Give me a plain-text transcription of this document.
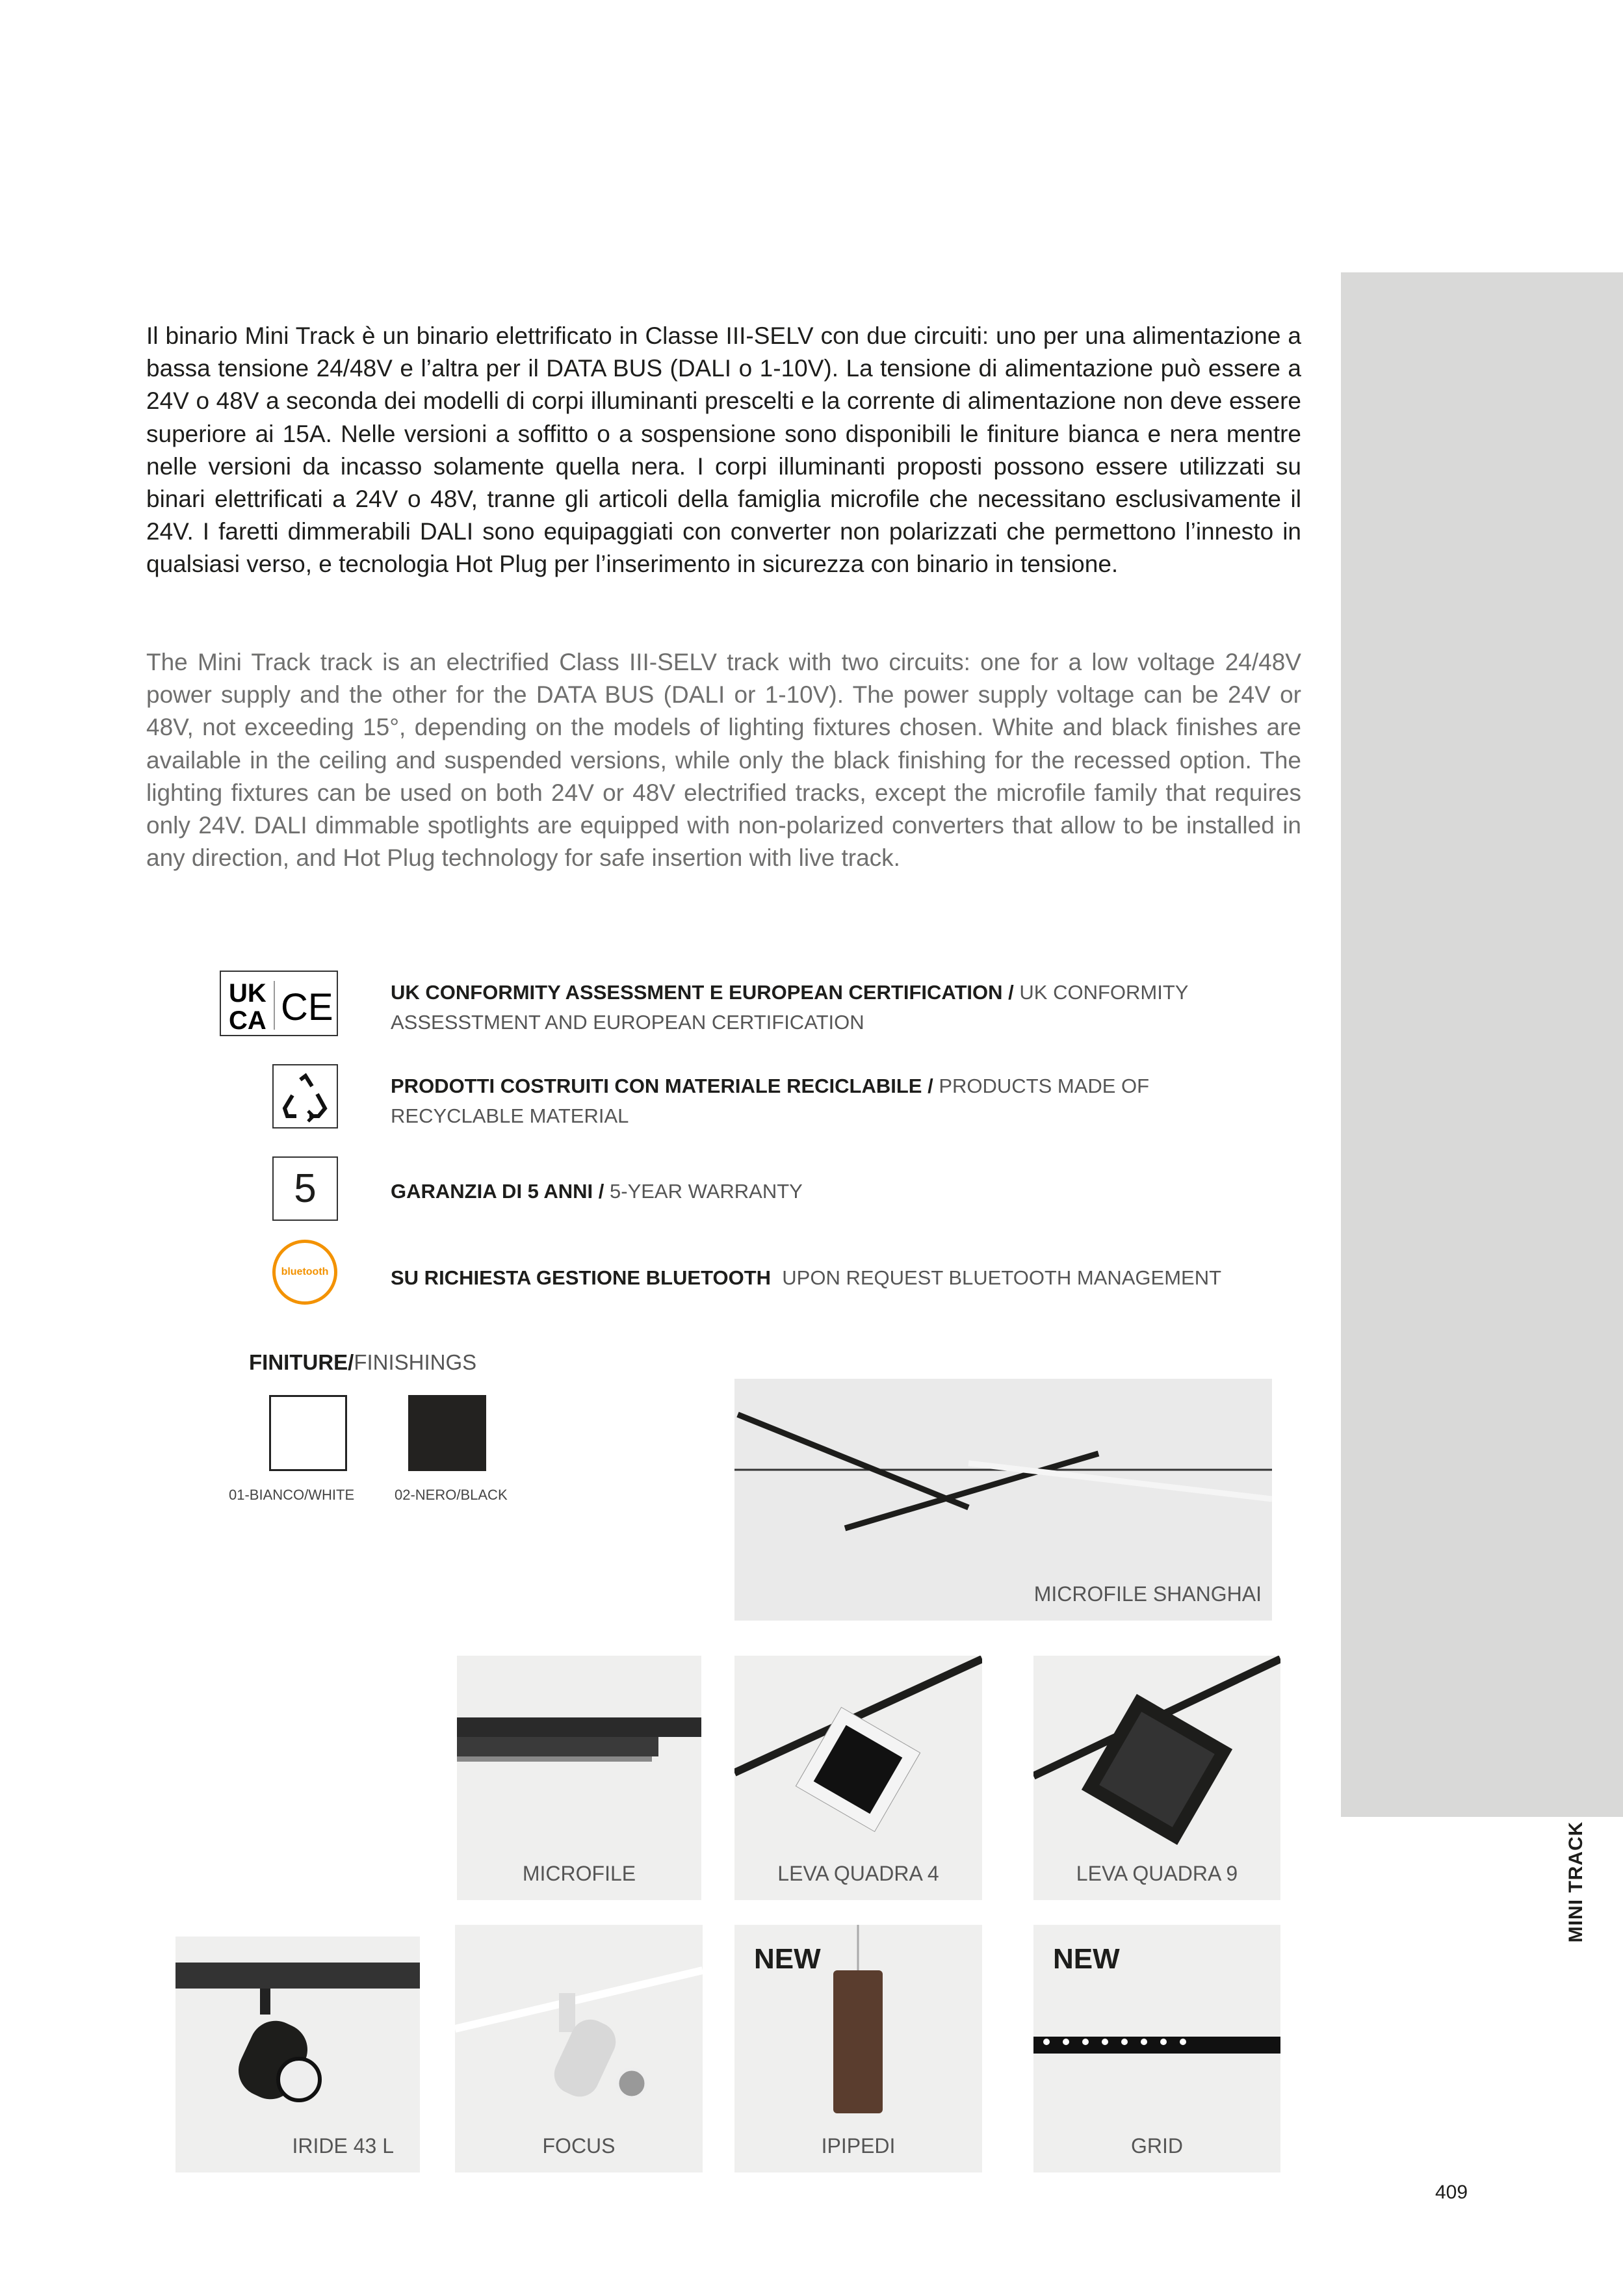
MINI TRACK

Il binario Mini Track è un binario elettrificato in Classe III-SELV con due circuiti: uno per una alimentazione a bassa tensione 24/48V e l’altra per il DATA BUS (DALI o 1-10V). La tensione di alimentazione può essere a 24V o 48V a seconda dei modelli di corpi illuminanti prescelti e la corrente di alimentazione non deve essere superiore ai 15A. Nelle versioni a soffitto o a sospensione sono disponibili le finiture bianca e nera mentre nelle versioni da incasso solamente quella nera. I corpi illuminanti proposti possono essere utilizzati su binari elettrificati a 24V o 48V, tranne gli articoli della famiglia microfile che necessitano esclusivamente il 24V. I faretti dimmerabili DALI sono equipaggiati con converter non polarizzati che permettono l’innesto in qualsiasi verso, e tecnologia Hot Plug per l’inserimento in sicurezza con binario in tensione.

The Mini Track track is an electrified Class III-SELV track with two circuits: one for a low voltage 24/48V power supply and the other for the DATA BUS (DALI or 1-10V). The power supply voltage can be 24V or 48V, not exceeding 15°, depending on the models of lighting fixtures chosen. White and black finishes are available in the ceiling and suspended versions, while only the black finishing for the recessed option. The lighting fixtures can be used on both 24V or 48V electrified tracks, except the microfile family that requires only 24V. DALI dimmable spotlights are equipped with non-polarized converters that allow to be installed in any direction, and Hot Plug technology for safe insertion with live track.

UK
CA CE	UK CONFORMITY ASSESSMENT E EUROPEAN CERTIFICATION / UK CONFORMITY ASSESSTMENT AND EUROPEAN CERTIFICATION
PRODOTTI COSTRUITI CON MATERIALE RECICLABILE / PRODUCTS MADE OF RECYCLABLE MATERIAL
5	GARANZIA DI 5 ANNI / 5-YEAR WARRANTY
bluetooth	SU RICHIESTA GESTIONE BLUETOOTH UPON REQUEST BLUETOOTH MANAGEMENT
FINITURE/FINISHINGS
01-BIANCO/WHITE	02-NERO/BLACK
MICROFILE SHANGHAI
MICROFILE	LEVA QUADRA 4	LEVA QUADRA 9
IRIDE 43 L	FOCUS
NEW
IPIPEDI
NEW
GRID
409
